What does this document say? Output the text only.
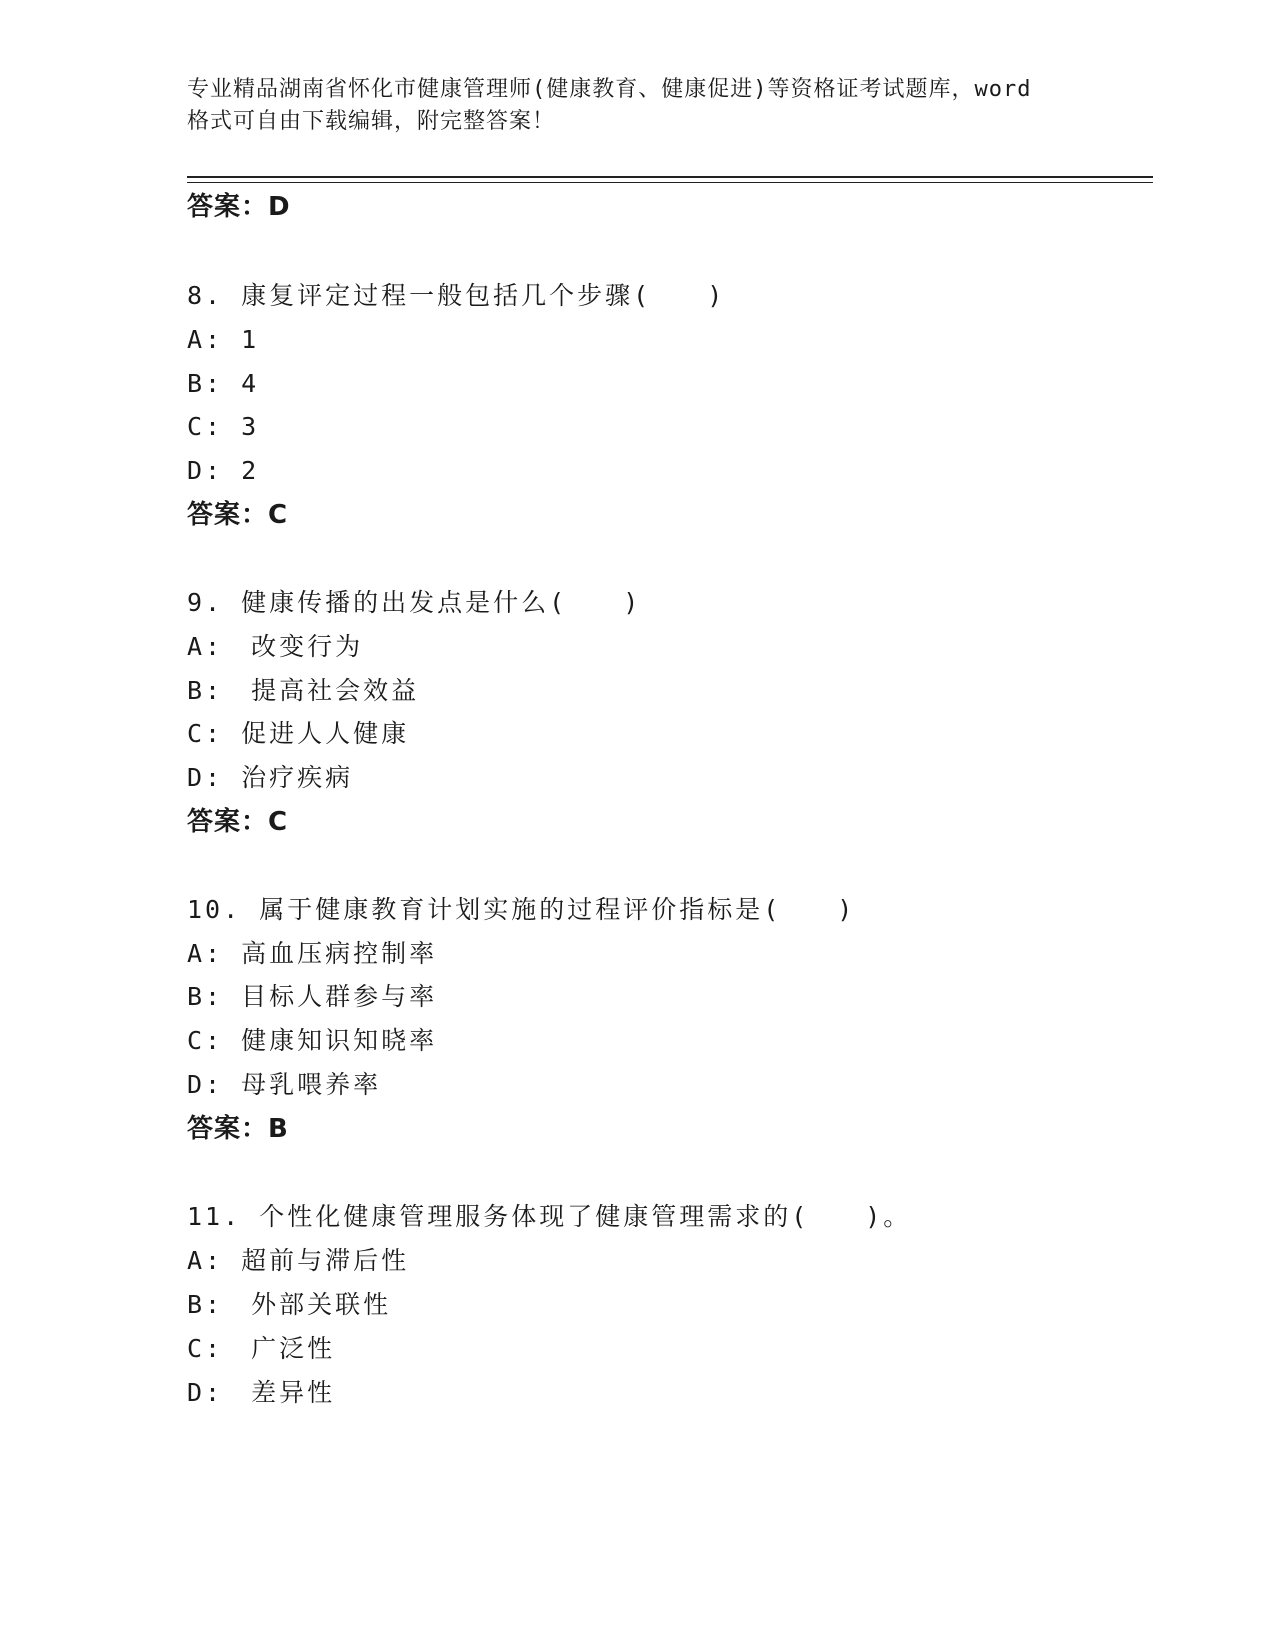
专业精品湖南省怀化市健康管理师(健康教育、健康促进)等资格证考试题库，word
格式可自由下载编辑，附完整答案！
答案：D
8. 康复评定过程一般包括几个步骤(　　)
A: 1
B: 4
C: 3
D: 2
答案：C
9. 健康传播的出发点是什么(　　)
A:　改变行为
B:　提高社会效益
C: 促进人人健康
D: 治疗疾病
答案：C
10. 属于健康教育计划实施的过程评价指标是(　　)
A: 高血压病控制率
B: 目标人群参与率
C: 健康知识知晓率
D: 母乳喂养率
答案：B
11. 个性化健康管理服务体现了健康管理需求的(　　)。
A: 超前与滞后性
B:　外部关联性
C:　广泛性
D:　差异性
